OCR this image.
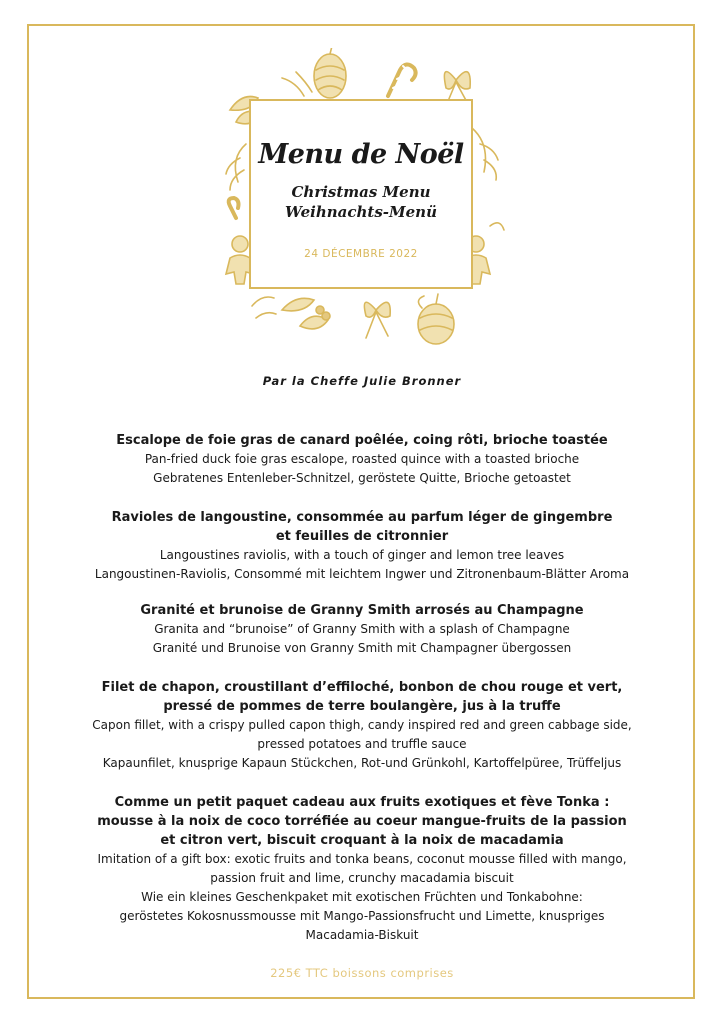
Menu de Noël
Christmas Menu
Weihnachts-Menü
24 DÉCEMBRE 2022
Par la Cheffe Julie Bronner
Escalope de foie gras de canard poêlée, coing rôti, brioche toastée
Pan-fried duck foie gras escalope, roasted quince with a toasted brioche
Gebratenes Entenleber-Schnitzel, geröstete Quitte, Brioche getoastet
Ravioles de langoustine, consommée au parfum léger de gingembre
et feuilles de citronnier
Langoustines raviolis, with a touch of ginger and lemon tree leaves
Langoustinen-Raviolis, Consommé mit leichtem Ingwer und Zitronenbaum-Blätter Aroma
Granité et brunoise de Granny Smith arrosés au Champagne
Granita and “brunoise” of Granny Smith with a splash of Champagne
Granité und Brunoise von Granny Smith mit Champagner übergossen
Filet de chapon, croustillant d’effiloché, bonbon de chou rouge et vert,
pressé de pommes de terre boulangère, jus à la truffe
Capon fillet, with a crispy pulled capon thigh, candy inspired red and green cabbage side,
pressed potatoes and truffle sauce
Kapaunfilet, knusprige Kapaun Stückchen, Rot-und Grünkohl, Kartoffelpüree, Trüffeljus
Comme un petit paquet cadeau aux fruits exotiques et fève Tonka :
mousse à la noix de coco torréfiée au coeur mangue-fruits de la passion
et citron vert, biscuit croquant à la noix de macadamia
Imitation of a gift box: exotic fruits and tonka beans, coconut mousse filled with mango,
passion fruit and lime, crunchy macadamia biscuit
Wie ein kleines Geschenkpaket mit exotischen Früchten und Tonkabohne:
geröstetes Kokosnussmousse mit Mango-Passionsfrucht und Limette, knuspriges
Macadamia-Biskuit
225€ TTC boissons comprises
